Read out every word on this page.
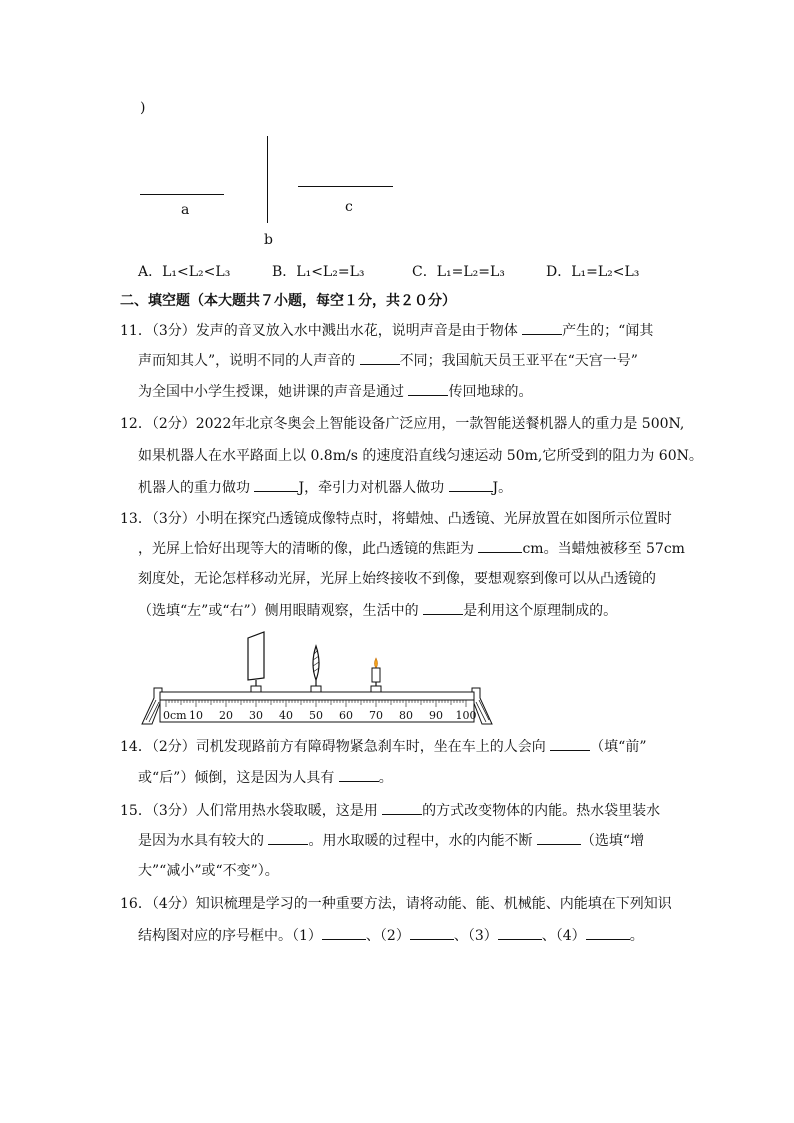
)
a
b
c
A．L₁<L₂<L₃	B．L₁<L₂=L₃	C．L₁=L₂=L₃	D．L₁=L₂<L₃
二、填空题（本大题共７小题，每空１分，共２０分）
11．（3分）发声的音叉放入水中溅出水花，说明声音是由于物体	产生的；“闻其
声而知其人”，说明不同的人声音的	不同；我国航天员王亚平在“天宫一号”
为全国中小学生授课，她讲课的声音是通过	传回地球的。
12．（2分）2022年北京冬奥会上智能设备广泛应用，一款智能送餐机器人的重力是 500N,
如果机器人在水平路面上以 0.8m/s 的速度沿直线匀速运动 50m,它所受到的阻力为 60N。
机器人的重力做功	J，牵引力对机器人做功	J。
13．（3分）小明在探究凸透镜成像特点时，将蜡烛、凸透镜、光屏放置在如图所示位置时
，光屏上恰好出现等大的清晰的像，此凸透镜的焦距为	cm。当蜡烛被移至 57cm
刻度处，无论怎样移动光屏，光屏上始终接收不到像，要想观察到像可以从凸透镜的
（选填“左”或“右”）侧用眼睛观察，生活中的	是利用这个原理制成的。
0cm 10 20 30 40 50 60 70 80 90 100
14．（2分）司机发现路前方有障碍物紧急刹车时，坐在车上的人会向	（填“前”
或“后”）倾倒，这是因为人具有	。
15．（3分）人们常用热水袋取暖，这是用	的方式改变物体的内能。热水袋里装水
是因为水具有较大的	。用水取暖的过程中，水的内能不断	（选填“增
大”“减小”或“不变”）。
16．（4分）知识梳理是学习的一种重要方法，请将动能、能、机械能、内能填在下列知识
结构图对应的序号框中。（1）	、（2）	、（3）	、（4）	。
